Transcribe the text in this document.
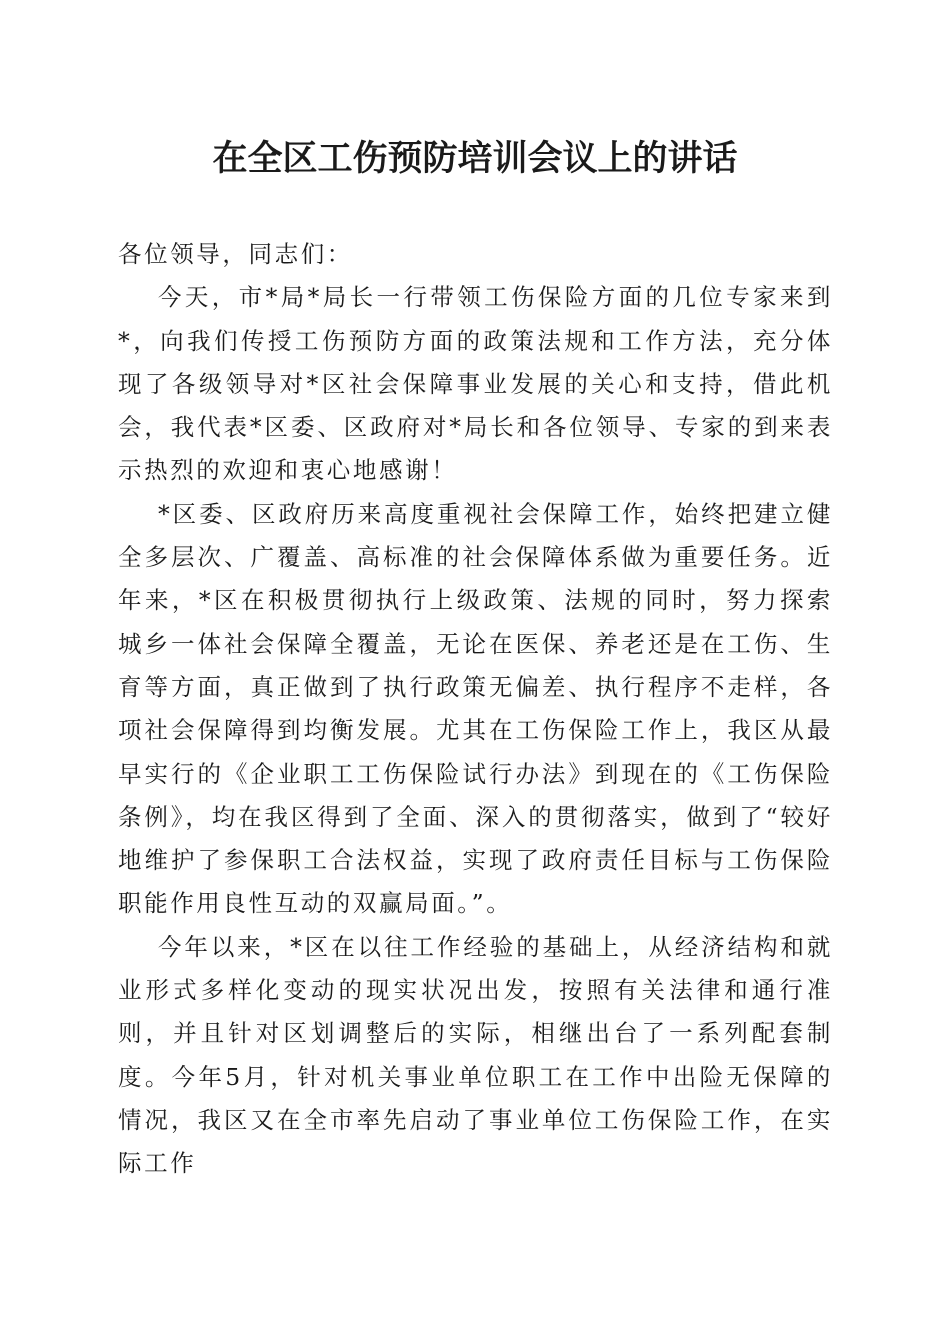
在全区工伤预防培训会议上的讲话

各位领导，同志们：

今天，市*局*局长一行带领工伤保险方面的几位专家来到*，向我们传授工伤预防方面的政策法规和工作方法，充分体现了各级领导对*区社会保障事业发展的关心和支持，借此机会，我代表*区委、区政府对*局长和各位领导、专家的到来表示热烈的欢迎和衷心地感谢！

*区委、区政府历来高度重视社会保障工作，始终把建立健全多层次、广覆盖、高标准的社会保障体系做为重要任务。近年来，*区在积极贯彻执行上级政策、法规的同时，努力探索城乡一体社会保障全覆盖，无论在医保、养老还是在工伤、生育等方面，真正做到了执行政策无偏差、执行程序不走样，各项社会保障得到均衡发展。尤其在工伤保险工作上，我区从最早实行的《企业职工工伤保险试行办法》到现在的《工伤保险条例》，均在我区得到了全面、深入的贯彻落实，做到了“较好地维护了参保职工合法权益，实现了政府责任目标与工伤保险职能作用良性互动的双赢局面。”。

今年以来，*区在以往工作经验的基础上，从经济结构和就业形式多样化变动的现实状况出发，按照有关法律和通行准则，并且针对区划调整后的实际，相继出台了一系列配套制度。今年5月，针对机关事业单位职工在工作中出险无保障的情况，我区又在全市率先启动了事业单位工伤保险工作，在实际工作
